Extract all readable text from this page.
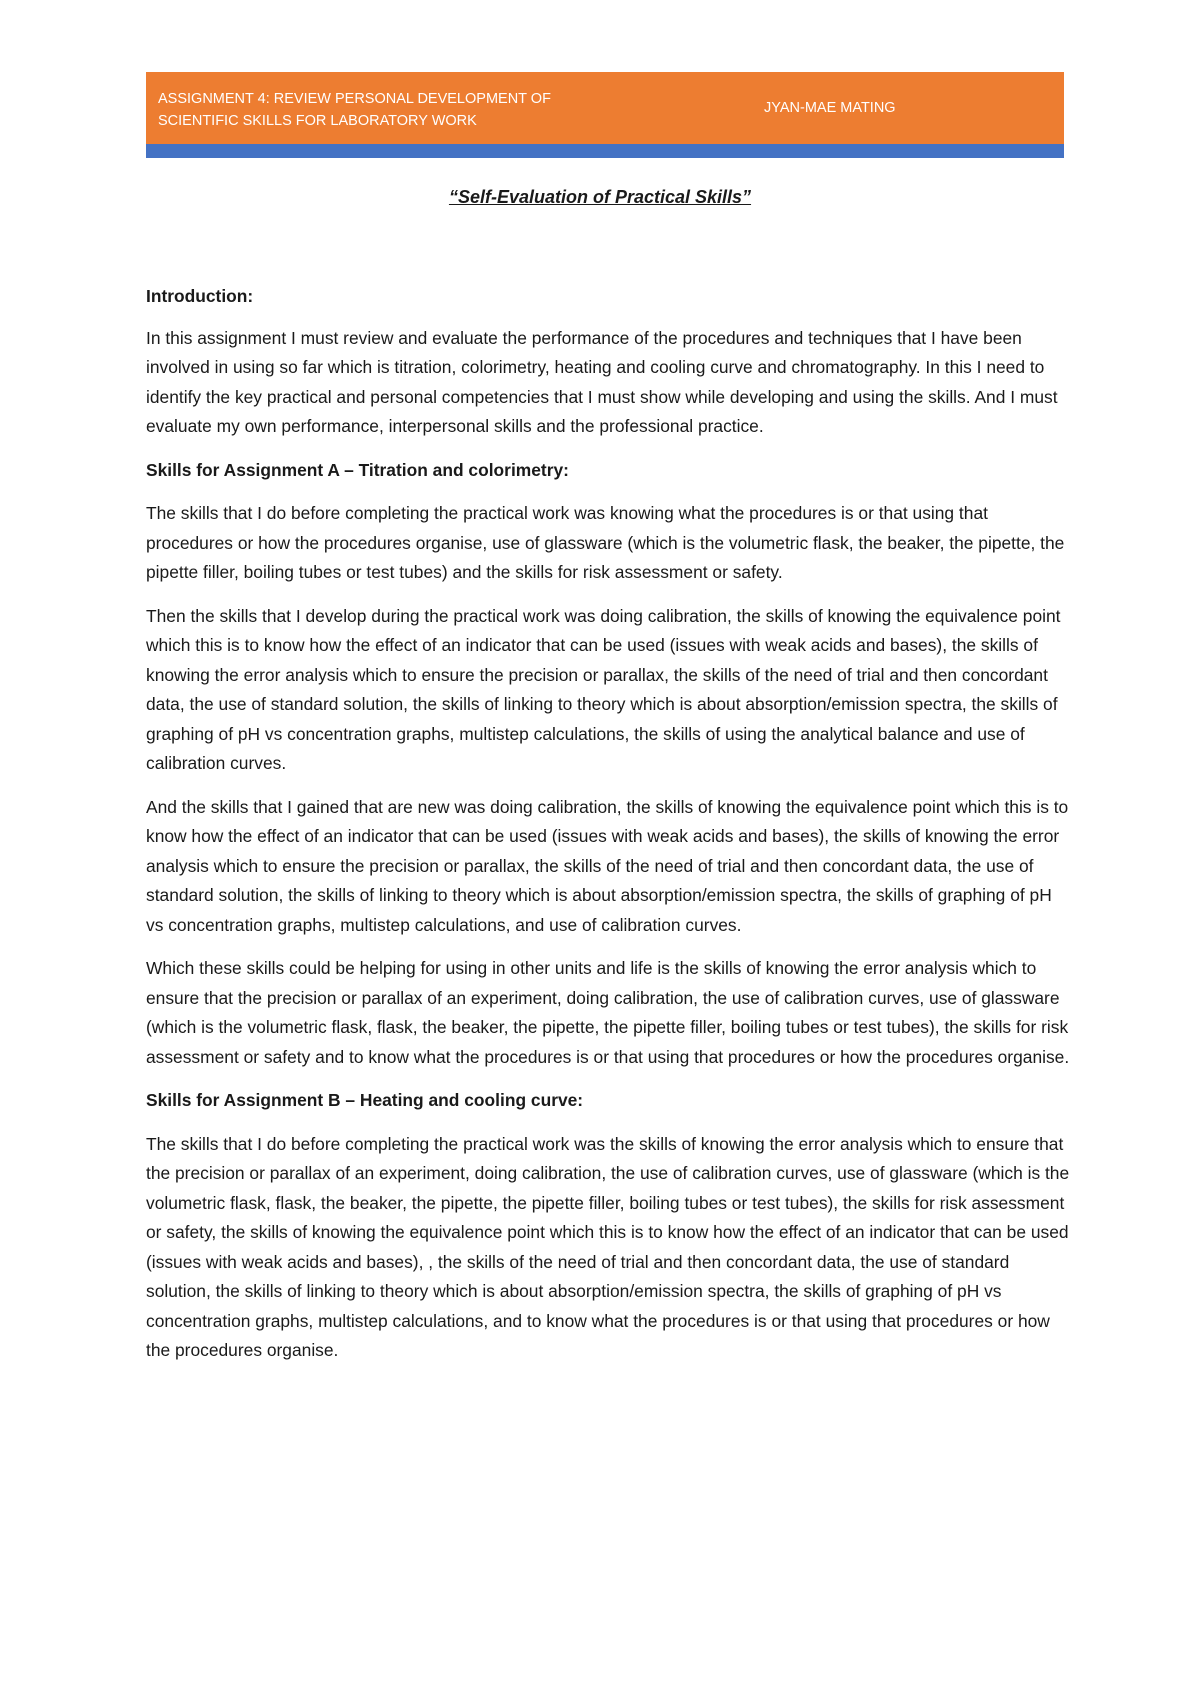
ASSIGNMENT 4: REVIEW PERSONAL DEVELOPMENT OF
SCIENTIFIC SKILLS FOR LABORATORY WORK
JYAN-MAE MATING
“Self-Evaluation of Practical Skills”
Introduction:

In this assignment I must review and evaluate the performance of the procedures and techniques that I have been involved in using so far which is titration, colorimetry, heating and cooling curve and chromatography. In this I need to identify the key practical and personal competencies that I must show while developing and using the skills. And I must evaluate my own performance, interpersonal skills and the professional practice.

Skills for Assignment A – Titration and colorimetry:

The skills that I do before completing the practical work was knowing what the procedures is or that using that procedures or how the procedures organise, use of glassware (which is the volumetric flask, the beaker, the pipette, the pipette filler, boiling tubes or test tubes) and the skills for risk assessment or safety.

Then the skills that I develop during the practical work was doing calibration, the skills of knowing the equivalence point which this is to know how the effect of an indicator that can be used (issues with weak acids and bases), the skills of knowing the error analysis which to ensure the precision or parallax, the skills of the need of trial and then concordant data, the use of standard solution, the skills of linking to theory which is about absorption/emission spectra, the skills of graphing of pH vs concentration graphs, multistep calculations, the skills of using the analytical balance and use of calibration curves.

And the skills that I gained that are new was doing calibration, the skills of knowing the equivalence point which this is to know how the effect of an indicator that can be used (issues with weak acids and bases), the skills of knowing the error analysis which to ensure the precision or parallax, the skills of the need of trial and then concordant data, the use of standard solution, the skills of linking to theory which is about absorption/emission spectra, the skills of graphing of pH vs concentration graphs, multistep calculations, and use of calibration curves.

Which these skills could be helping for using in other units and life is the skills of knowing the error analysis which to ensure that the precision or parallax of an experiment, doing calibration, the use of calibration curves, use of glassware (which is the volumetric flask, flask, the beaker, the pipette, the pipette filler, boiling tubes or test tubes), the skills for risk assessment or safety and to know what the procedures is or that using that procedures or how the procedures organise.

Skills for Assignment B – Heating and cooling curve:

The skills that I do before completing the practical work was the skills of knowing the error analysis which to ensure that the precision or parallax of an experiment, doing calibration, the use of calibration curves, use of glassware (which is the volumetric flask, flask, the beaker, the pipette, the pipette filler, boiling tubes or test tubes), the skills for risk assessment or safety, the skills of knowing the equivalence point which this is to know how the effect of an indicator that can be used (issues with weak acids and bases), , the skills of the need of trial and then concordant data, the use of standard solution, the skills of linking to theory which is about absorption/emission spectra, the skills of graphing of pH vs concentration graphs, multistep calculations, and to know what the procedures is or that using that procedures or how the procedures organise.
